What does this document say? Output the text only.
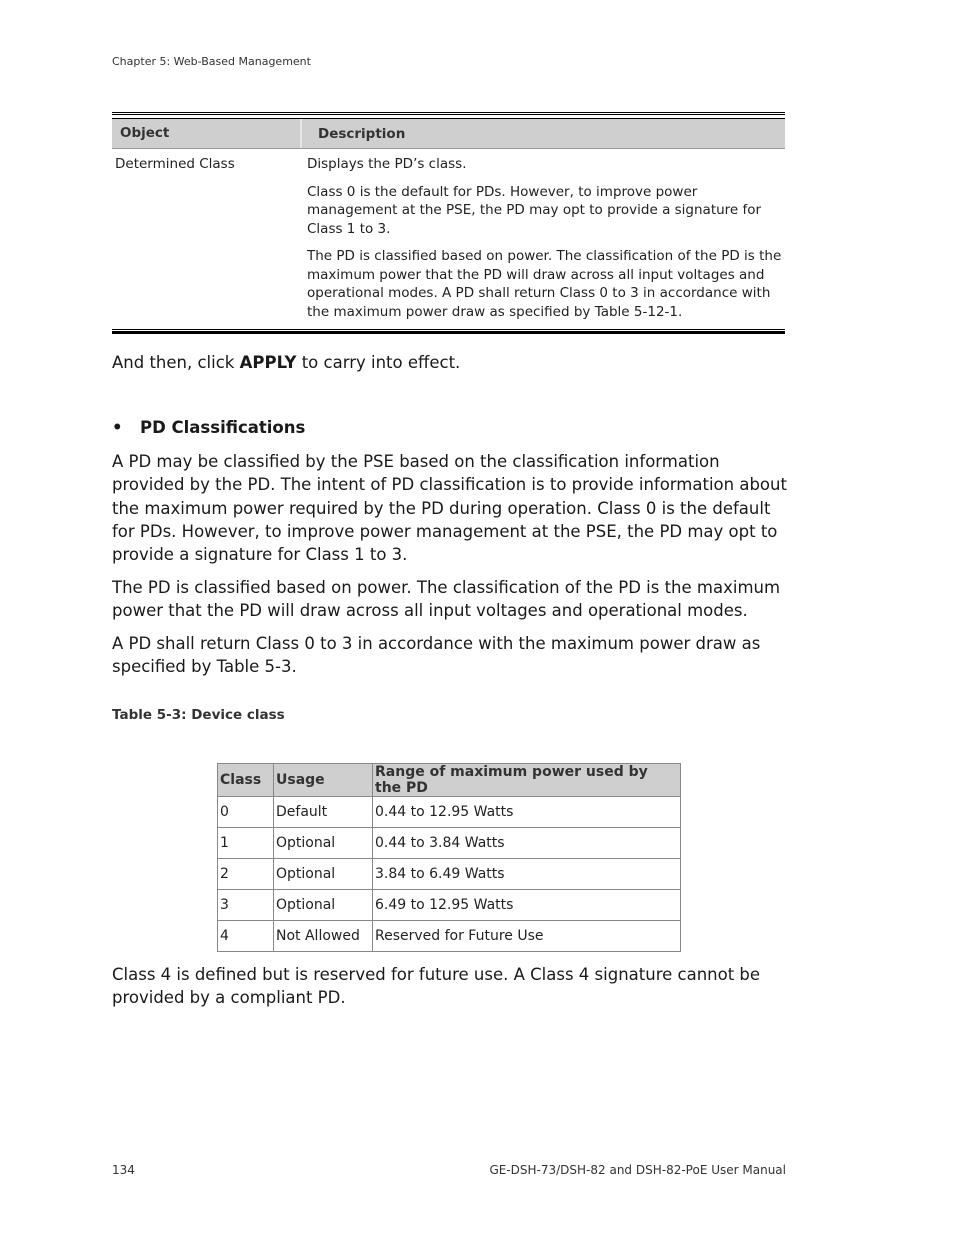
Chapter 5: Web-Based Management
Object	Description
Determined Class	Displays the PD’s class.

Class 0 is the default for PDs. However, to improve power management at the PSE, the PD may opt to provide a signature for Class 1 to 3.

The PD is classified based on power. The classification of the PD is the maximum power that the PD will draw across all input voltages and operational modes. A PD shall return Class 0 to 3 in accordance with the maximum power draw as specified by Table 5-12-1.

And then, click APPLY to carry into effect.

• PD Classifications

A PD may be classified by the PSE based on the classification information provided by the PD. The intent of PD classification is to provide information about the maximum power required by the PD during operation. Class 0 is the default for PDs. However, to improve power management at the PSE, the PD may opt to provide a signature for Class 1 to 3.

The PD is classified based on power. The classification of the PD is the maximum power that the PD will draw across all input voltages and operational modes.

A PD shall return Class 0 to 3 in accordance with the maximum power draw as specified by Table 5-3.

Table 5-3: Device class
Class	Usage	Range of maximum power used by the PD
0	Default	0.44 to 12.95 Watts
1	Optional	0.44 to 3.84 Watts
2	Optional	3.84 to 6.49 Watts
3	Optional	6.49 to 12.95 Watts
4	Not Allowed	Reserved for Future Use

Class 4 is defined but is reserved for future use. A Class 4 signature cannot be provided by a compliant PD.

134	GE-DSH-73/DSH-82 and DSH-82-PoE User Manual
